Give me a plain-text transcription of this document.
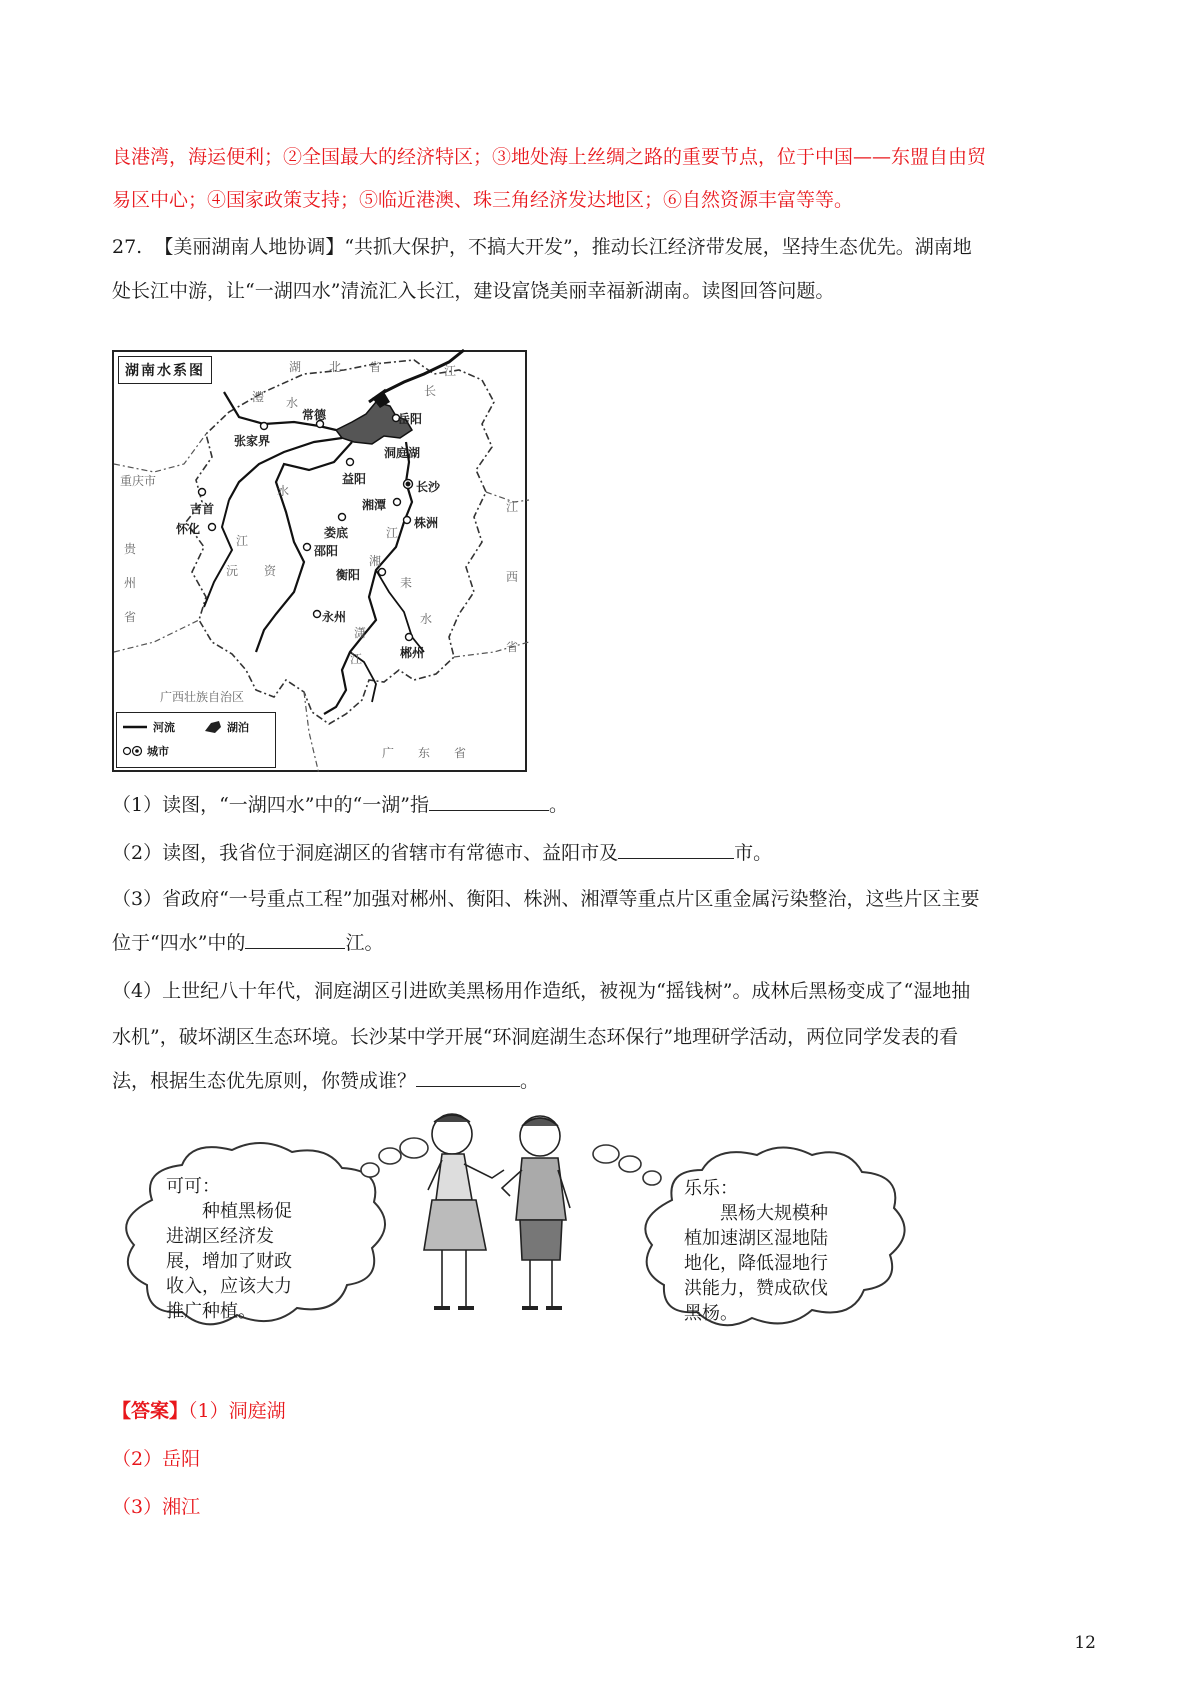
良港湾，海运便利；②全国最大的经济特区；③地处海上丝绸之路的重要节点，位于中国——东盟自由贸
易区中心；④国家政策支持；⑤临近港澳、珠三角经济发达地区；⑥自然资源丰富等等。
27. 【美丽湖南人地协调】“共抓大保护，不搞大开发”，推动长江经济带发展，坚持生态优先。湖南地
处长江中游，让“一湖四水”清流汇入长江，建设富饶美丽幸福新湖南。读图回答问题。
湖南水系图	湖　北　省
重庆市
贵　州　省
广西壮族自治区
广　东　省
江　西　省
长
江
澧 水
沅
江
资
水
湘
江
潇
江
耒
水
常德
张家界
岳阳
洞庭湖
益阳
长沙
吉首	湘潭
怀化	娄底
株洲
邵阳
衡阳
永州
郴州
河流	湖泊
城市
（1）读图，“一湖四水”中的“一湖”指	。
（2）读图，我省位于洞庭湖区的省辖市有常德市、益阳市及	市。
（3）省政府“一号重点工程”加强对郴州、衡阳、株洲、湘潭等重点片区重金属污染整治，这些片区主要
位于“四水”中的	江。
（4）上世纪八十年代，洞庭湖区引进欧美黑杨用作造纸，被视为“摇钱树”。成林后黑杨变成了“湿地抽
水机”，破坏湖区生态环境。长沙某中学开展“环洞庭湖生态环保行”地理研学活动，两位同学发表的看
法，根据生态优先原则，你赞成谁？	。
可可：
　　种植黑杨促
进湖区经济发
展，增加了财政
收入，应该大力
推广种植。
乐乐：
　　黑杨大规模种
植加速湖区湿地陆
地化，降低湿地行
洪能力，赞成砍伐
黑杨。
【答案】（1）洞庭湖
（2）岳阳
（3）湘江
12
